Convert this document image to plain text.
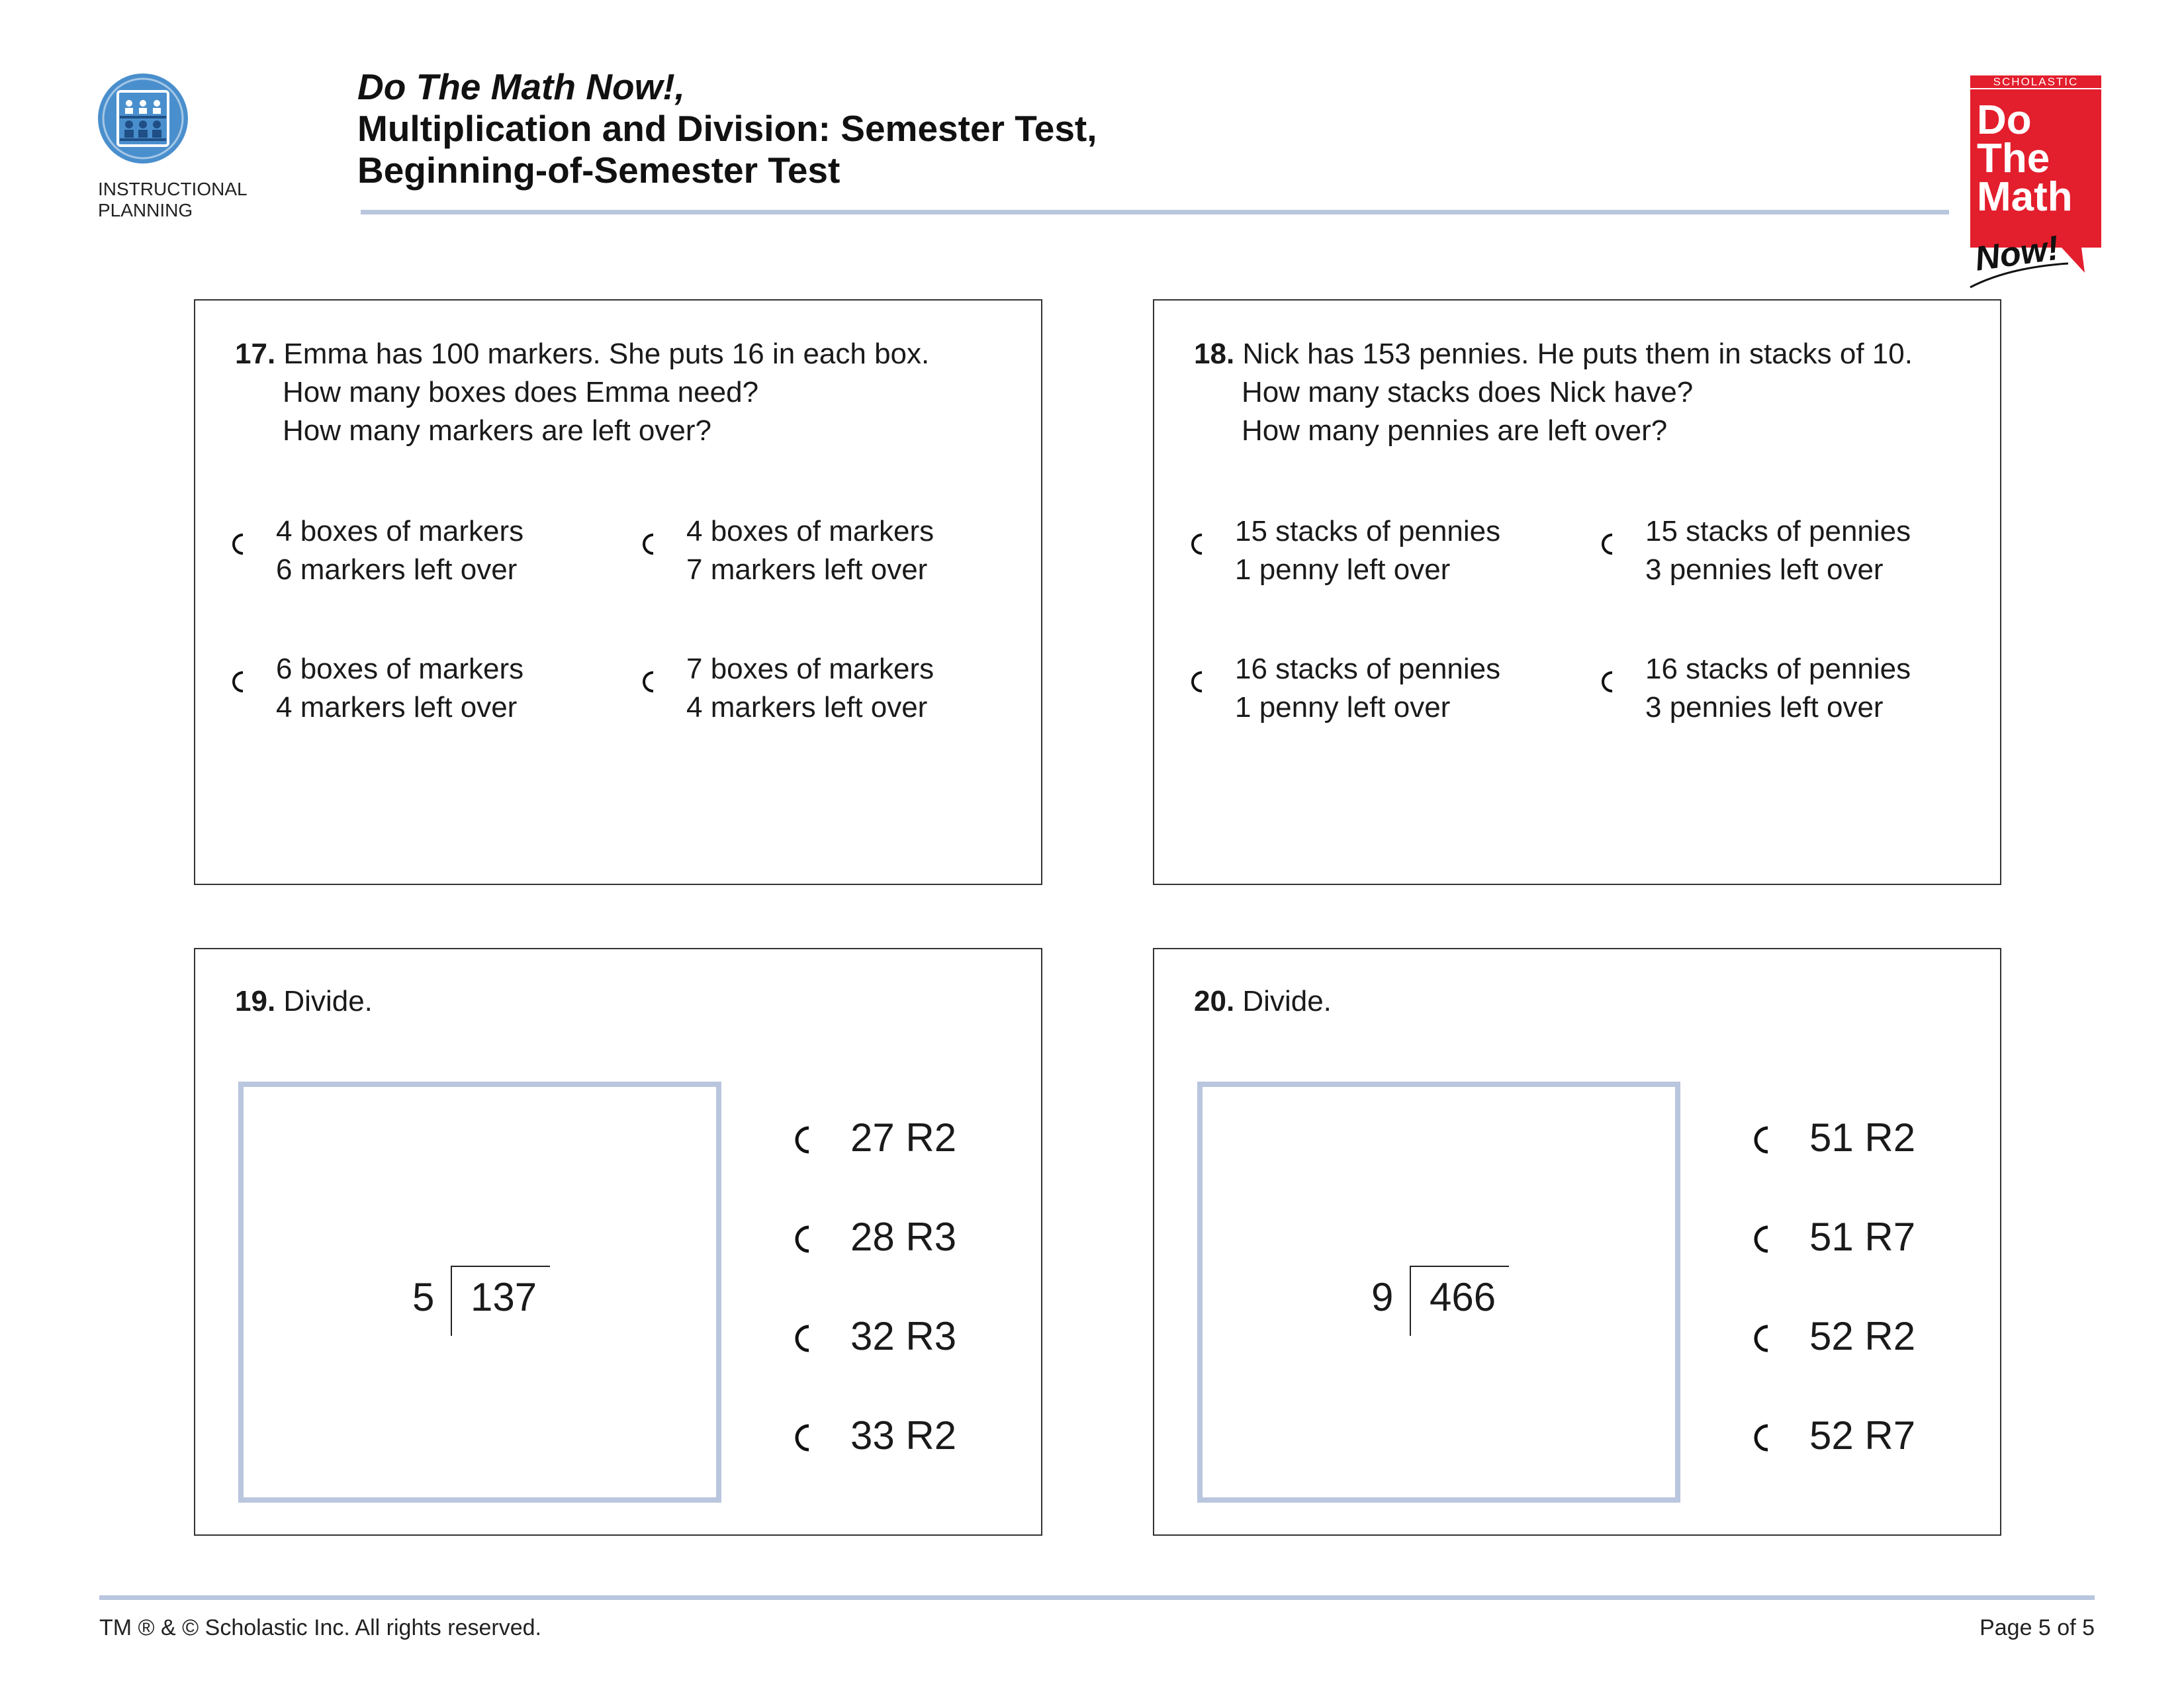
INSTRUCTIONAL PLANNING
Do The Math Now!,
Multiplication and Division: Semester Test,
Beginning-of-Semester Test
SCHOLASTIC
Do
The
Math
Now!
17. Emma has 100 markers. She puts 16 in each box.
How many boxes does Emma need?
How many markers are left over?
4 boxes of markers
6 markers left over
4 boxes of markers
7 markers left over
6 boxes of markers
4 markers left over
7 boxes of markers
4 markers left over
18. Nick has 153 pennies. He puts them in stacks of 10.
How many stacks does Nick have?
How many pennies are left over?
15 stacks of pennies
1 penny left over
15 stacks of pennies
3 pennies left over
16 stacks of pennies
1 penny left over
16 stacks of pennies
3 pennies left over
19. Divide.
5 137
27 R2
28 R3
32 R3
33 R2
20. Divide.
9 466
51 R2
51 R7
52 R2
52 R7
TM ® & © Scholastic Inc. All rights reserved.	Page 5 of 5
